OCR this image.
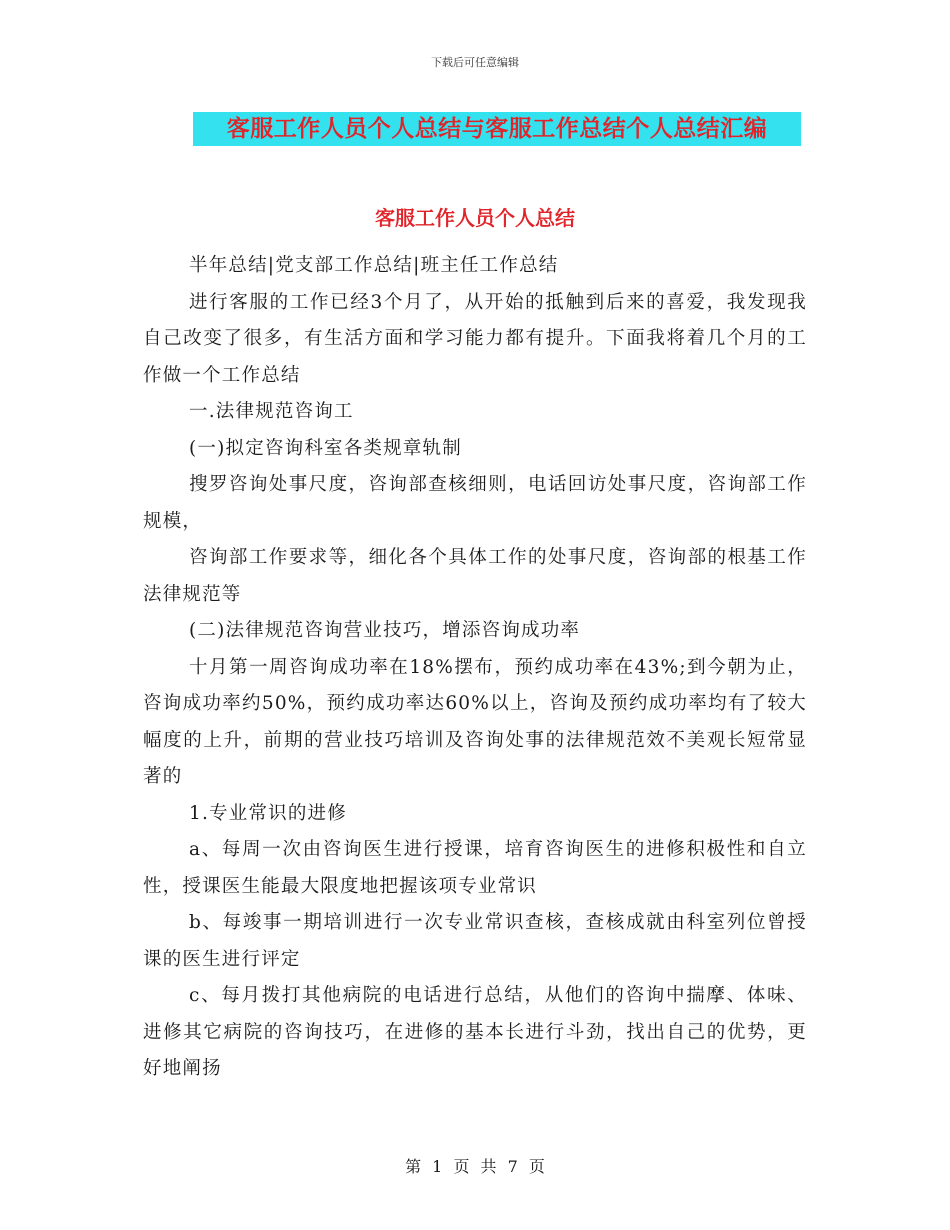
下载后可任意编辑
客服工作人员个人总结与客服工作总结个人总结汇编
客服工作人员个人总结

半年总结|党支部工作总结|班主任工作总结

进行客服的工作已经3个月了，从开始的抵触到后来的喜爱，我发现我自己改变了很多，有生活方面和学习能力都有提升。下面我将着几个月的工作做一个工作总结

一.法律规范咨询工

(一)拟定咨询科室各类规章轨制

搜罗咨询处事尺度，咨询部查核细则，电话回访处事尺度，咨询部工作规模，

咨询部工作要求等，细化各个具体工作的处事尺度，咨询部的根基工作法律规范等

(二)法律规范咨询营业技巧，增添咨询成功率

十月第一周咨询成功率在18%摆布，预约成功率在43%;到今朝为止，咨询成功率约50%，预约成功率达60%以上，咨询及预约成功率均有了较大幅度的上升，前期的营业技巧培训及咨询处事的法律规范效不美观长短常显著的

1.专业常识的进修

a、每周一次由咨询医生进行授课，培育咨询医生的进修积极性和自立性，授课医生能最大限度地把握该项专业常识

b、每竣事一期培训进行一次专业常识查核，查核成就由科室列位曾授课的医生进行评定

c、每月拨打其他病院的电话进行总结，从他们的咨询中揣摩、体味、进修其它病院的咨询技巧，在进修的基本长进行斗劲，找出自己的优势，更好地阐扬

第 1 页 共 7 页
